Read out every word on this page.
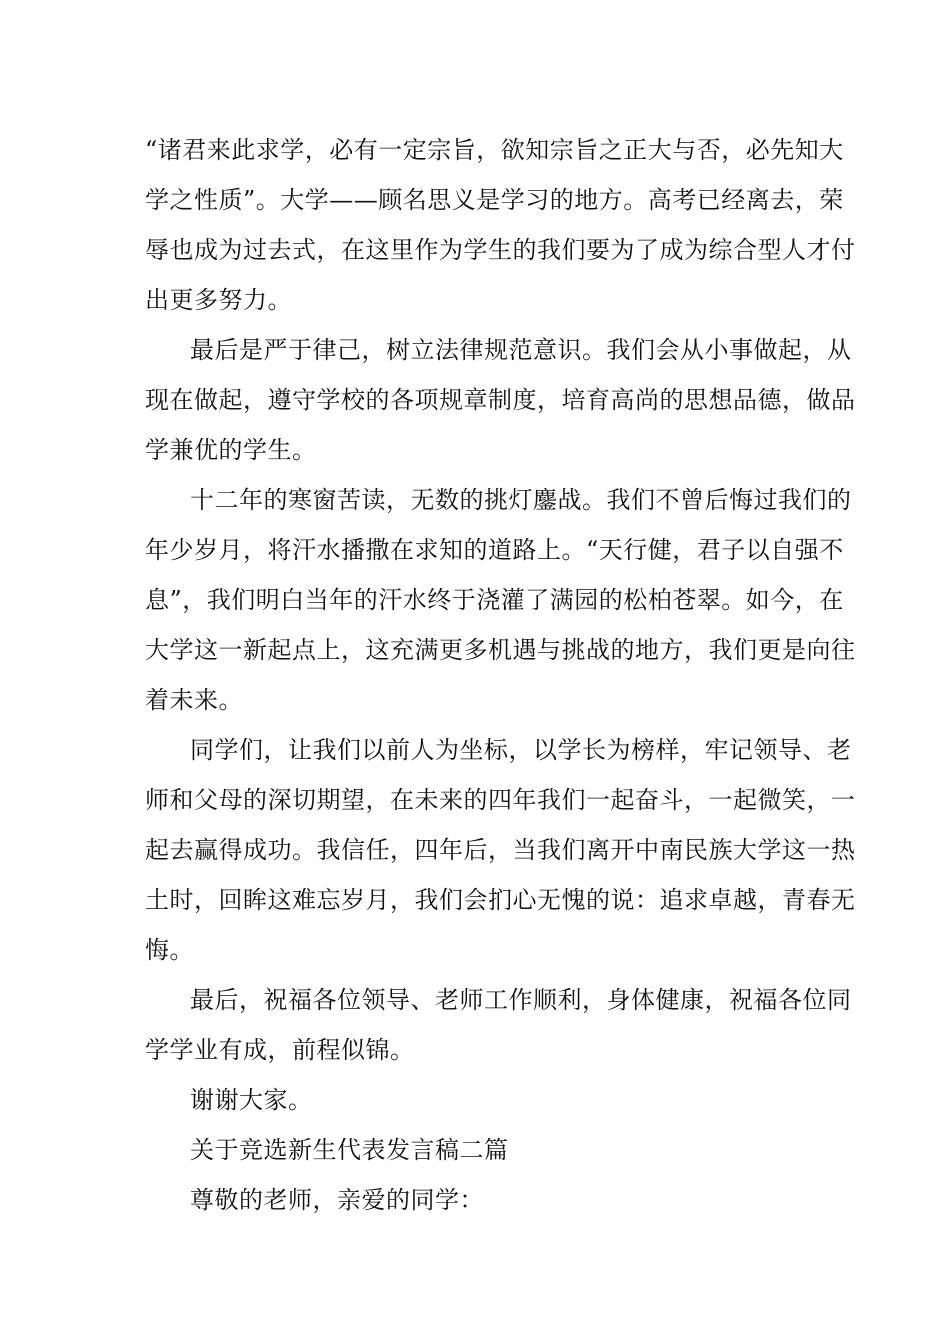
“诸君来此求学，必有一定宗旨，欲知宗旨之正大与否，必先知大
学之性质”。大学——顾名思义是学习的地方。高考已经离去，荣
辱也成为过去式，在这里作为学生的我们要为了成为综合型人才付
出更多努力。
最后是严于律己，树立法律规范意识。我们会从小事做起，从
现在做起，遵守学校的各项规章制度，培育高尚的思想品德，做品
学兼优的学生。
十二年的寒窗苦读，无数的挑灯鏖战。我们不曾后悔过我们的
年少岁月，将汗水播撒在求知的道路上。“天行健，君子以自强不
息”，我们明白当年的汗水终于浇灌了满园的松柏苍翠。如今，在
大学这一新起点上，这充满更多机遇与挑战的地方，我们更是向往
着未来。
同学们，让我们以前人为坐标，以学长为榜样，牢记领导、老
师和父母的深切期望，在未来的四年我们一起奋斗，一起微笑，一
起去赢得成功。我信任，四年后，当我们离开中南民族大学这一热
土时，回眸这难忘岁月，我们会扪心无愧的说：追求卓越，青春无
悔。
最后，祝福各位领导、老师工作顺利，身体健康，祝福各位同
学学业有成，前程似锦。
谢谢大家。
关于竞选新生代表发言稿二篇
尊敬的老师，亲爱的同学：
